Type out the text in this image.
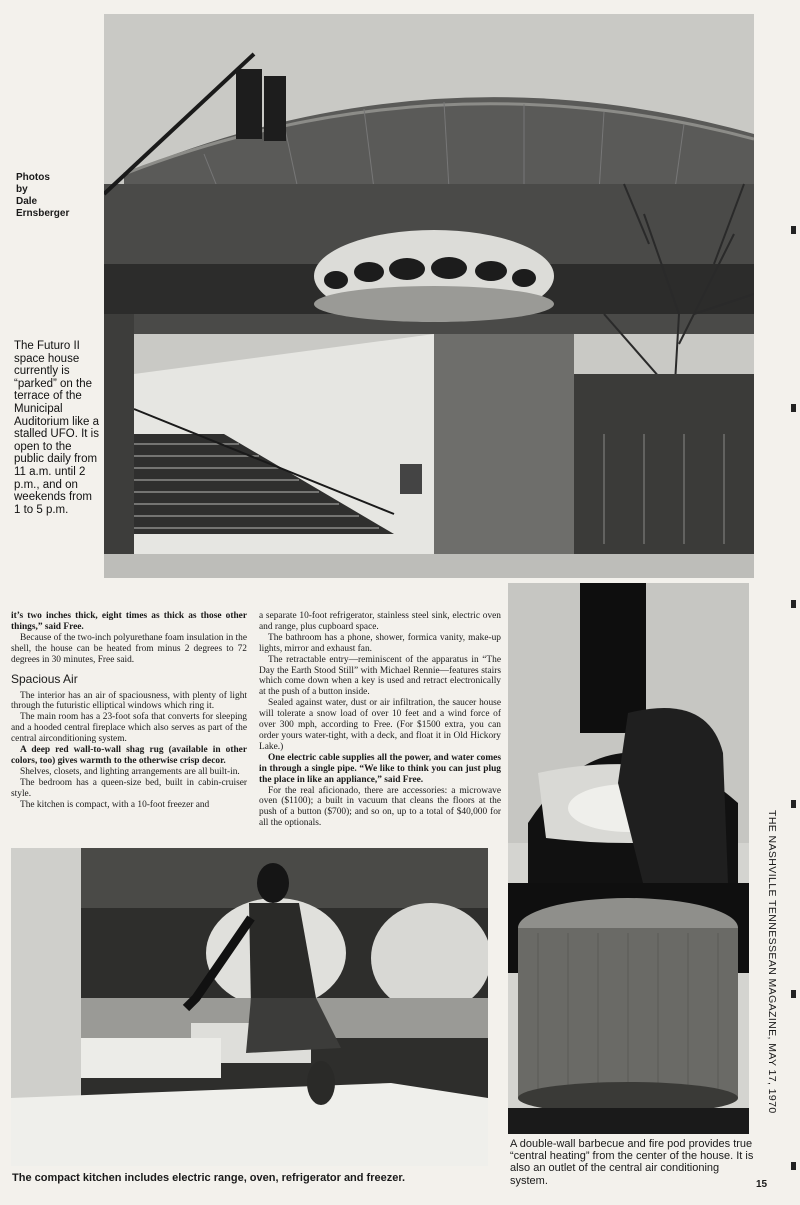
Photos
by
Dale
Ernsberger
The Futuro II space house currently is “parked” on the terrace of the Municipal Auditorium like a stalled UFO. It is open to the public daily from 11 a.m. until 2 p.m., and on weekends from 1 to 5 p.m.

it’s two inches thick, eight times as thick as those other things,” said Free.

Because of the two-inch polyurethane foam insulation in the shell, the house can be heated from minus 2 degrees to 72 degrees in 30 minutes, Free said.

Spacious Air

The interior has an air of spaciousness, with plenty of light through the futuristic elliptical windows which ring it.

The main room has a 23-foot sofa that converts for sleeping and a hooded central fireplace which also serves as part of the central airconditioning system.

A deep red wall-to-wall shag rug (available in other colors, too) gives warmth to the otherwise crisp decor.

Shelves, closets, and lighting arrangements are all built-in.

The bedroom has a queen-size bed, built in cabin-cruiser style.

The kitchen is compact, with a 10-foot freezer and

a separate 10-foot refrigerator, stainless steel sink, electric oven and range, plus cupboard space.

The bathroom has a phone, shower, formica vanity, make-up lights, mirror and exhaust fan.

The retractable entry—reminiscent of the apparatus in “The Day the Earth Stood Still” with Michael Rennie—features stairs which come down when a key is used and retract electronically at the push of a button inside.

Sealed against water, dust or air infiltration, the saucer house will tolerate a snow load of over 10 feet and a wind force of over 300 mph, according to Free. (For $1500 extra, you can order yours water-tight, with a deck, and float it in Old Hickory Lake.)

One electric cable supplies all the power, and water comes in through a single pipe. “We like to think you can just plug the place in like an appliance,” said Free.

For the real aficionado, there are accessories: a microwave oven ($1100); a built in vacuum that cleans the floors at the push of a button ($700); and so on, up to a total of $40,000 for all the optionals.

The compact kitchen includes electric range, oven, refrigerator and freezer.
A double-wall barbecue and fire pod provides true “central heating” from the center of the house. It is also an outlet of the central air conditioning system.
THE NASHVILLE TENNESSEAN MAGAZINE, MAY 17, 1970
15
